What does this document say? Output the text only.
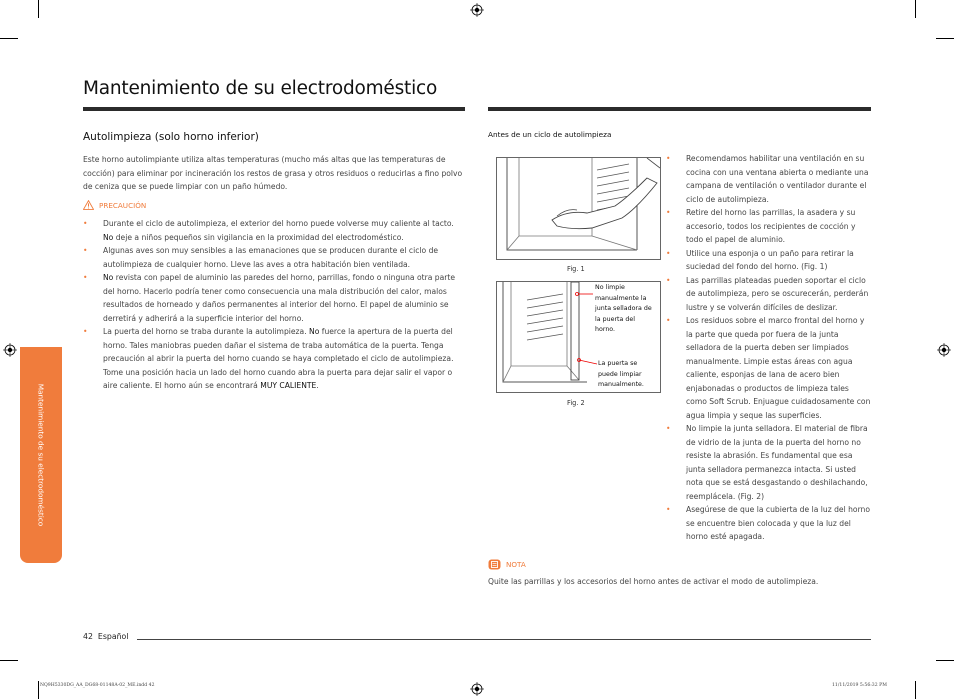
Mantenimiento de su electrodoméstico
Autolimpieza (solo horno inferior)
Este horno autolimpiante utiliza altas temperaturas (mucho más altas que las temperaturas de cocción) para eliminar por incineración los restos de grasa y otros residuos o reducirlas a fino polvo de ceniza que se puede limpiar con un paño húmedo.
PRECAUCIÓN
• Durante el ciclo de autolimpieza, el exterior del horno puede volverse muy caliente al tacto. No deje a niños pequeños sin vigilancia en la proximidad del electrodoméstico.
• Algunas aves son muy sensibles a las emanaciones que se producen durante el ciclo de autolimpieza de cualquier horno. Lleve las aves a otra habitación bien ventilada.
• No revista con papel de aluminio las paredes del horno, parrillas, fondo o ninguna otra parte del horno. Hacerlo podría tener como consecuencia una mala distribución del calor, malos resultados de horneado y daños permanentes al interior del horno. El papel de aluminio se derretirá y adherirá a la superficie interior del horno.
• La puerta del horno se traba durante la autolimpieza. No fuerce la apertura de la puerta del horno. Tales maniobras pueden dañar el sistema de traba automática de la puerta. Tenga precaución al abrir la puerta del horno cuando se haya completado el ciclo de autolimpieza. Tome una posición hacia un lado del horno cuando abra la puerta para dejar salir el vapor o aire caliente. El horno aún se encontrará MUY CALIENTE.
Antes de un ciclo de autolimpieza
Fig. 1
No limpie manualmente la junta selladora de la puerta del horno.
La puerta se puede limpiar manualmente.
Fig. 2
• Recomendamos habilitar una ventilación en su cocina con una ventana abierta o mediante una campana de ventilación o ventilador durante el ciclo de autolimpieza.
• Retire del horno las parrillas, la asadera y su accesorio, todos los recipientes de cocción y todo el papel de aluminio.
• Utilice una esponja o un paño para retirar la suciedad del fondo del horno. (Fig. 1)
• Las parrillas plateadas pueden soportar el ciclo de autolimpieza, pero se oscurecerán, perderán lustre y se volverán difíciles de deslizar.
• Los residuos sobre el marco frontal del horno y la parte que queda por fuera de la junta selladora de la puerta deben ser limpiados manualmente. Limpie estas áreas con agua caliente, esponjas de lana de acero bien enjabonadas o productos de limpieza tales como Soft Scrub. Enjuague cuidadosamente con agua limpia y seque las superficies.
• No limpie la junta selladora. El material de fibra de vidrio de la junta de la puerta del horno no resiste la abrasión. Es fundamental que esa junta selladora permanezca intacta. Si usted nota que se está desgastando o deshilachando, reemplácela. (Fig. 2)
• Asegúrese de que la cubierta de la luz del horno se encuentre bien colocada y que la luz del horno esté apagada.
NOTA
Quite las parrillas y los accesorios del horno antes de activar el modo de autolimpieza.
Mantenimiento de su electrodoméstico
42 Español
NQ9H5330DG_AA_DG68-01148A-02_ME.indd 42	11/11/2019 5:56:32 PM
